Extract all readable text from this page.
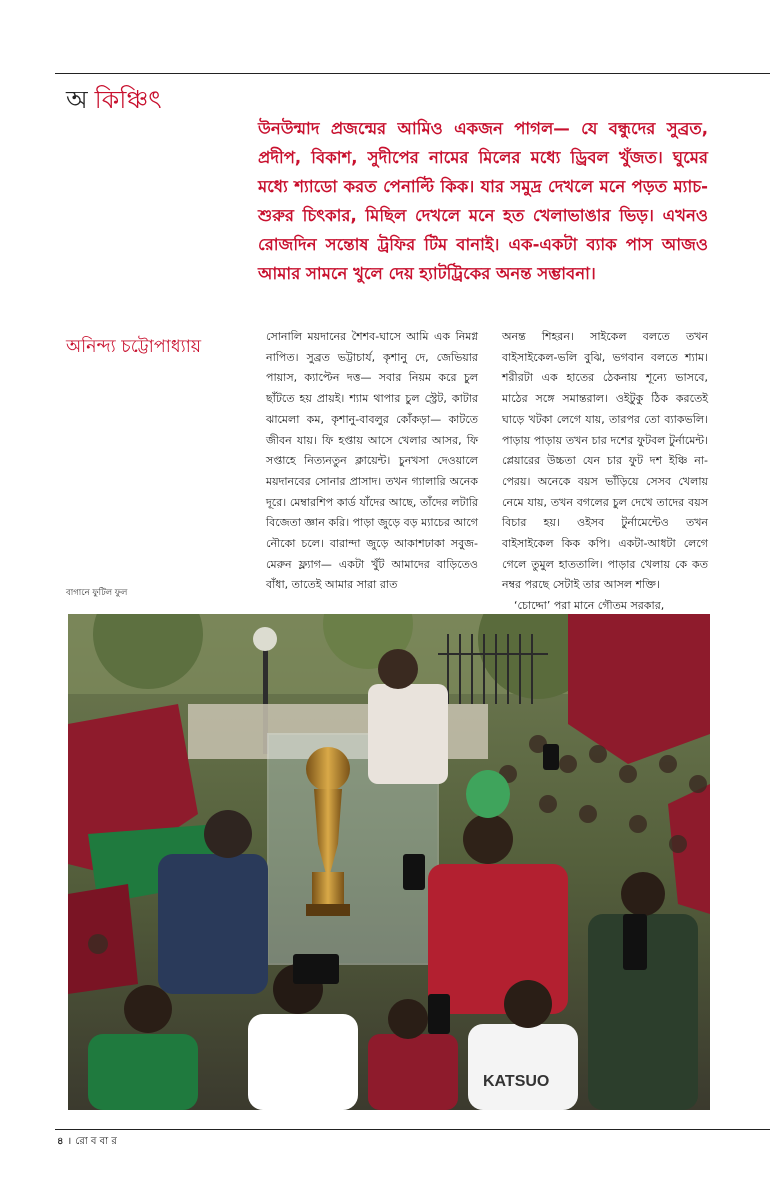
অ কিঞ্চিৎ
উনউন্মাদ প্রজন্মের আমিও একজন পাগল— যে বন্ধুদের সুব্রত, প্রদীপ, বিকাশ, সুদীপের নামের মিলের মধ্যে ড্রিবল খুঁজত। ঘুমের মধ্যে শ্যাডো করত পেনাল্টি কিক। যার সমুদ্র দেখলে মনে পড়ত ম্যাচ-শুরুর চিৎকার, মিছিল দেখলে মনে হত খেলাভাঙার ভিড়। এখনও রোজদিন সন্তোষ ট্রফির টিম বানাই। এক-একটা ব্যাক পাস আজও আমার সামনে খুলে দেয় হ্যাটট্রিকের অনন্ত সম্ভাবনা।
অনিন্দ্য চট্টোপাধ্যায়

সোনালি ময়দানের শৈশব-ঘাসে আমি এক নিমগ্ন নাপিত। সুব্রত ভট্টাচার্য, কৃশানু দে, জেভিয়ার পায়াস, ক্যাপ্টেন দত্ত— সবার নিয়ম করে চুল ছাঁটতে হয় প্রায়ই। শ্যাম থাপার চুল স্ট্রেট, কাটার ঝামেলা কম, কৃশানু-বাবলুর কোঁকড়া— কাটতে জীবন যায়। ফি হপ্তায় আসে খেলার আসর, ফি সপ্তাহে নিত্যনতুন ক্লায়েন্ট। চুনখসা দেওয়ালে ময়দানবের সোনার প্রাসাদ। তখন গ্যালারি অনেক দূরে। মেম্বারশিপ কার্ড যাঁদের আছে, তাঁদের লটারি বিজেতা জ্ঞান করি। পাড়া জুড়ে বড় ম্যাচের আগে নৌকো চলে। বারান্দা জুড়ে আকাশঢাকা সবুজ-মেরুন ফ্ল্যাগ— একটা খুঁট আমাদের বাড়িতেও বাঁধা, তাতেই আমার সারা রাত

অনন্ত শিহরন। সাইকেল বলতে তখন বাইসাইকেল-ভলি বুঝি, ভগবান বলতে শ্যাম। শরীরটা এক হাতের ঠেকনায় শূন্যে ভাসবে, মাঠের সঙ্গে সমান্তরাল। ওইটুকু ঠিক করতেই ঘাড়ে খটকা লেগে যায়, তারপর তো ব্যাকভলি। পাড়ায় পাড়ায় তখন চার দশের ফুটবল টুর্নামেন্ট। প্লেয়ারের উচ্চতা যেন চার ফুট দশ ইঞ্চি না-পেরয়। অনেকে বয়স ভাঁড়িয়ে সেসব খেলায় নেমে যায়, তখন বগলের চুল দেখে তাদের বয়স বিচার হয়। ওইসব টুর্নামেন্টেও তখন বাইসাইকেল কিক কপি। একটা-আধটা লেগে গেলে তুমুল হাততালি। পাড়ার খেলায় কে কত নম্বর পরছে সেটাই তার আসল শক্তি।

‘চোদ্দো’ পরা মানে গৌতম সরকার,

বাগানে ফুটিল ফুল
KATSUO
৪ । রো ব বা র
